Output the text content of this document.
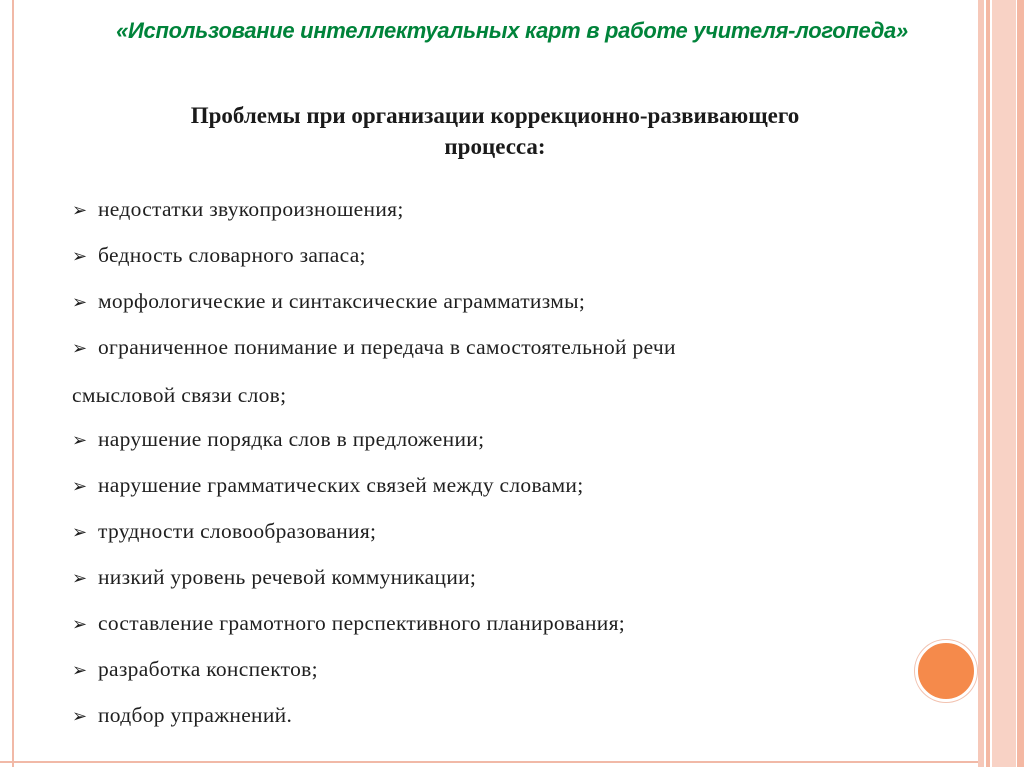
«Использование интеллектуальных карт в работе учителя-логопеда»
Проблемы при организации коррекционно-развивающего
процесса:
➢ недостатки звукопроизношения;
➢ бедность словарного запаса;
➢ морфологические и синтаксические аграмматизмы;
➢ ограниченное понимание и передача в самостоятельной речи
смысловой связи слов;
➢ нарушение порядка слов в предложении;
➢ нарушение грамматических связей между словами;
➢ трудности словообразования;
➢ низкий уровень речевой коммуникации;
➢ составление грамотного перспективного планирования;
➢ разработка конспектов;
➢ подбор упражнений.
